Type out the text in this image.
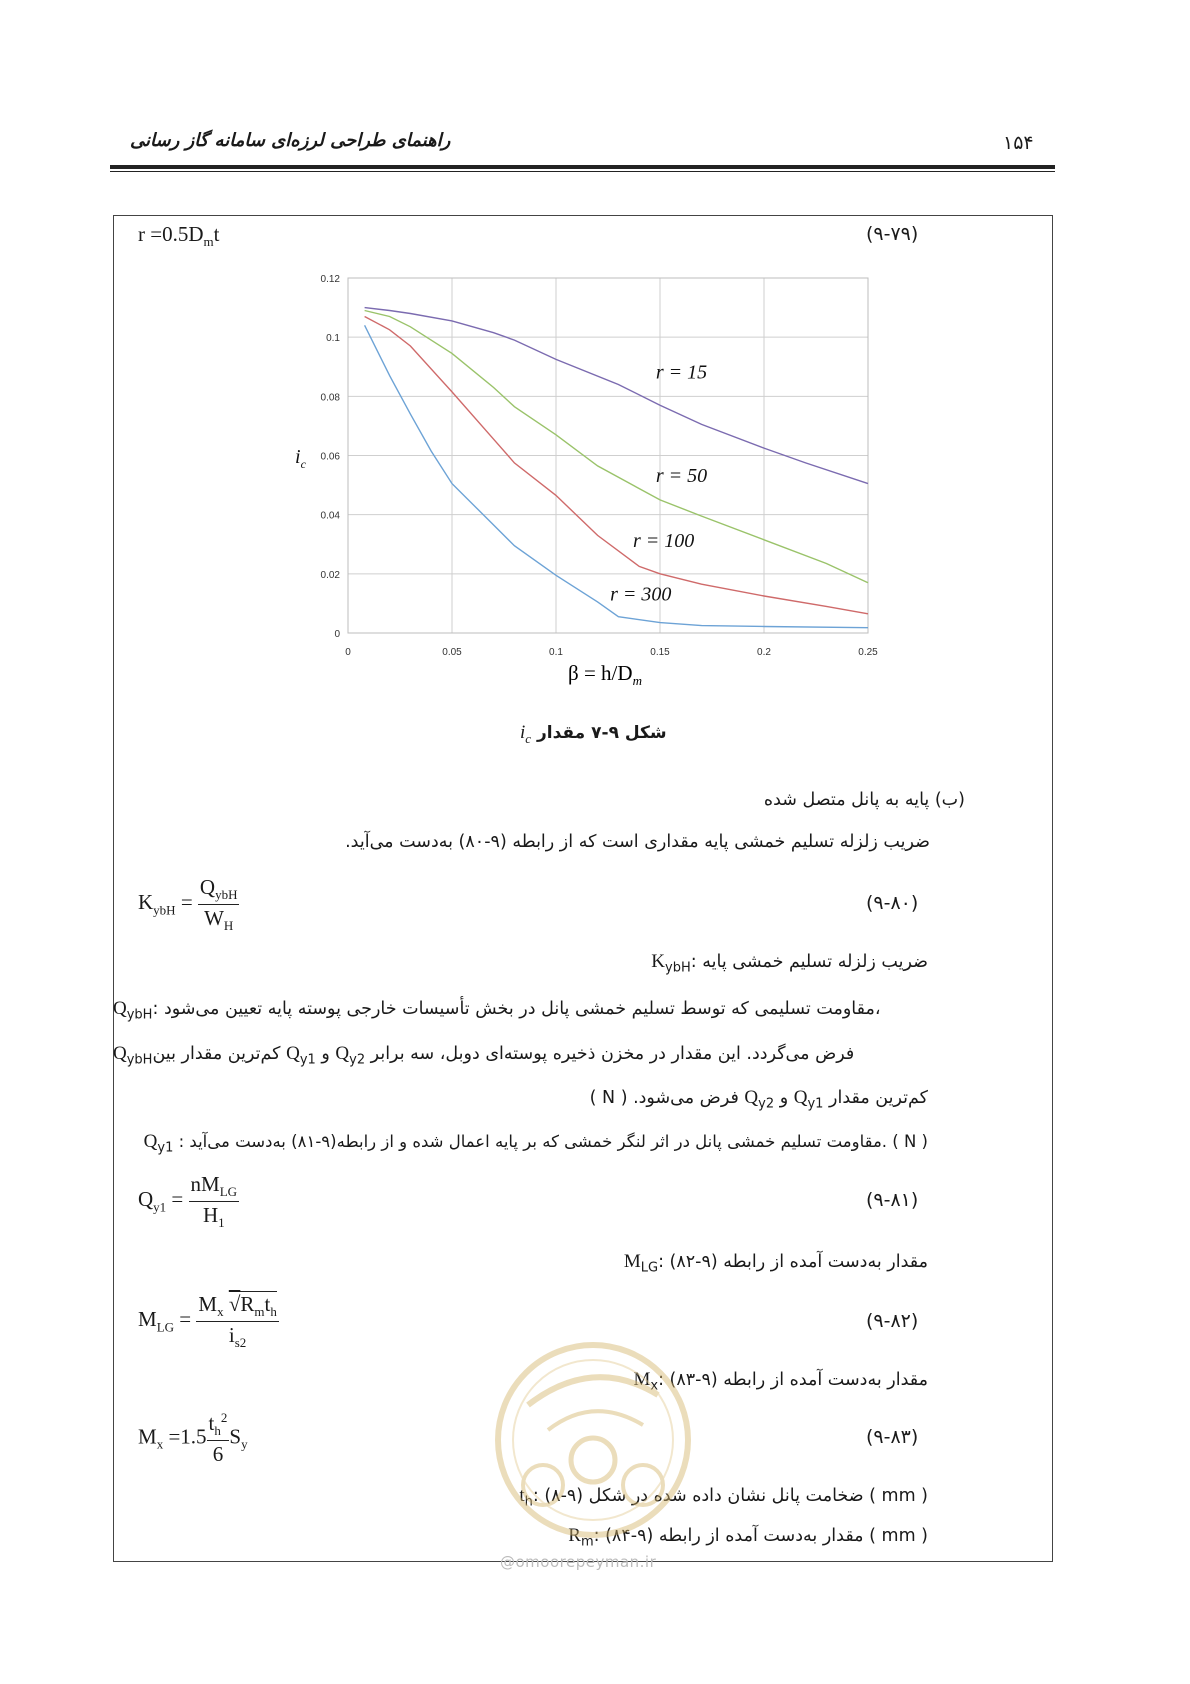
۱۵۴
راهنمای طراحی لرزه‌ای سامانه گاز رسانی
$r =0.5D_mt$	(۹-۷۹)
0	0.05	0.1	0.15	0.2	0.25
0
0.02
0.04
0.06
0.08
0.1
0.12
r = 15
r = 50
r = 100
r = 300
$i_c$
$\beta = h/D_m$
شکل ۹-۷ مقدار $i_c$
(ب) پایه به پانل متصل شده
ضریب زلزله تسلیم خمشی پایه مقداری است که از رابطه (۹-۸۰) به‌دست می‌آید.
$K_{ybH} = \frac{Q_{ybH}}{W_H}$	(۹-۸۰)
$K_{ybH}$: ضریب زلزله تسلیم خمشی پایه
$Q_{ybH}$: مقاومت تسلیمی که توسط تسلیم خمشی پانل در بخش تأسیسات خارجی پوسته پایه تعیین می‌شود،
$Q_{ybH}کم‌ترین$ مقدار بین $Q_{y1}$ و $Q_{y2}$ فرض می‌گردد. این مقدار در مخزن ذخیره پوسته‌ای دوبل، سه برابر
کم‌ترین مقدار $Q_{y1}$ و $Q_{y2}$ فرض می‌شود. ( N )
$Q_{y1}$ : مقاومت تسلیم خمشی پانل در اثر لنگر خمشی که بر پایه اعمال شده و از رابطه(۹-۸۱) به‌دست می‌آید. ( N )
$Q_{y1} = \frac{nM_{LG}}{H_1}$	(۹-۸۱)
$M_{LG}$: مقدار به‌دست آمده از رابطه (۹-۸۲)
$M_{LG} = \frac{M_x √R_mt_h}{i_{s2}}$	(۹-۸۲)
$M_x$: مقدار به‌دست آمده از رابطه (۹-۸۳)
$M_x =1.5 \frac{t_h^2}{6} S_y$	(۹-۸۳)
$t_h$: ضخامت پانل نشان داده شده در شکل (۹-۸) ( mm )
$R_m$: مقدار به‌دست آمده از رابطه (۹-۸۴) ( mm )
@omoorepeyman.ir
